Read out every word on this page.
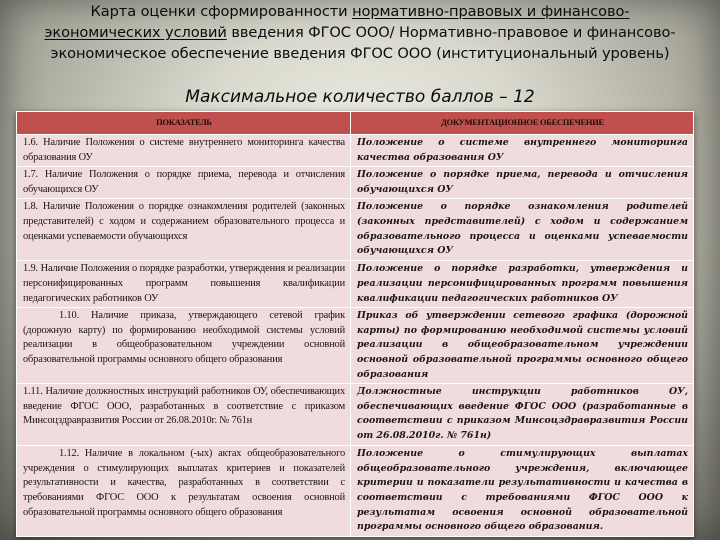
Карта оценки сформированности нормативно-правовых и финансово-экономических условий введения ФГОС ООО/ Нормативно-правовое и финансово-экономическое обеспечение введения ФГОС ООО (институциональный уровень)
Максимальное количество баллов – 12
ПОКАЗАТЕЛЬ	ДОКУМЕНТАЦИОННОЕ ОБЕСПЕЧЕНИЕ
1.6. Наличие Положения о системе внутреннего мониторинга качества образования ОУ	Положение о системе внутреннего мониторинга качества образования ОУ
1.7. Наличие Положения о порядке приема, перевода и отчисления обучающихся ОУ	Положение о порядке приема, перевода и отчисления обучающихся ОУ
1.8. Наличие Положения о порядке ознакомления родителей (законных представителей) с ходом и содержанием образовательного процесса и оценками успеваемости обучающихся	Положение о порядке ознакомления родителей (законных представителей) с ходом и содержанием образовательного процесса и оценками успеваемости обучающихся ОУ
1.9. Наличие Положения о порядке разработки, утверждения и реализации персонифицированных программ повышения квалификации педагогических работников ОУ	Положение о порядке разработки, утверждения и реализации персонифицированных программ повышения квалификации педагогических работников ОУ
1.10. Наличие приказа, утверждающего сетевой график (дорожную карту) по формированию необходимой системы условий реализации в общеобразовательном учреждении основной образовательной программы основного общего образования	Приказ об утверждении сетевого графика (дорожной карты) по формированию необходимой системы условий реализации в общеобразовательном учреждении основной образовательной программы основного общего образования
1.11. Наличие должностных инструкций работников ОУ, обеспечивающих введение ФГОС ООО, разработанных в соответствие с приказом Минсоцздравразвития России от 26.08.2010г. № 761н	Должностные инструкции работников ОУ, обеспечивающих введение ФГОС ООО (разработанные в соответствии с приказом Минсоцздравразвития России от 26.08.2010г. № 761н)
1.12. Наличие в локальном (-ых) актах общеобразовательного учреждения о стимулирующих выплатах критериев и показателей результативности и качества, разработанных в соответствии с требованиями ФГОС ООО к результатам освоения основной образовательной программы основного общего образования	Положение о стимулирующих выплатах общеобразовательного учреждения, включающее критерии и показатели результативности и качества в соответствии с требованиями ФГОС ООО к результатам освоения основной образовательной программы основного общего образования.
